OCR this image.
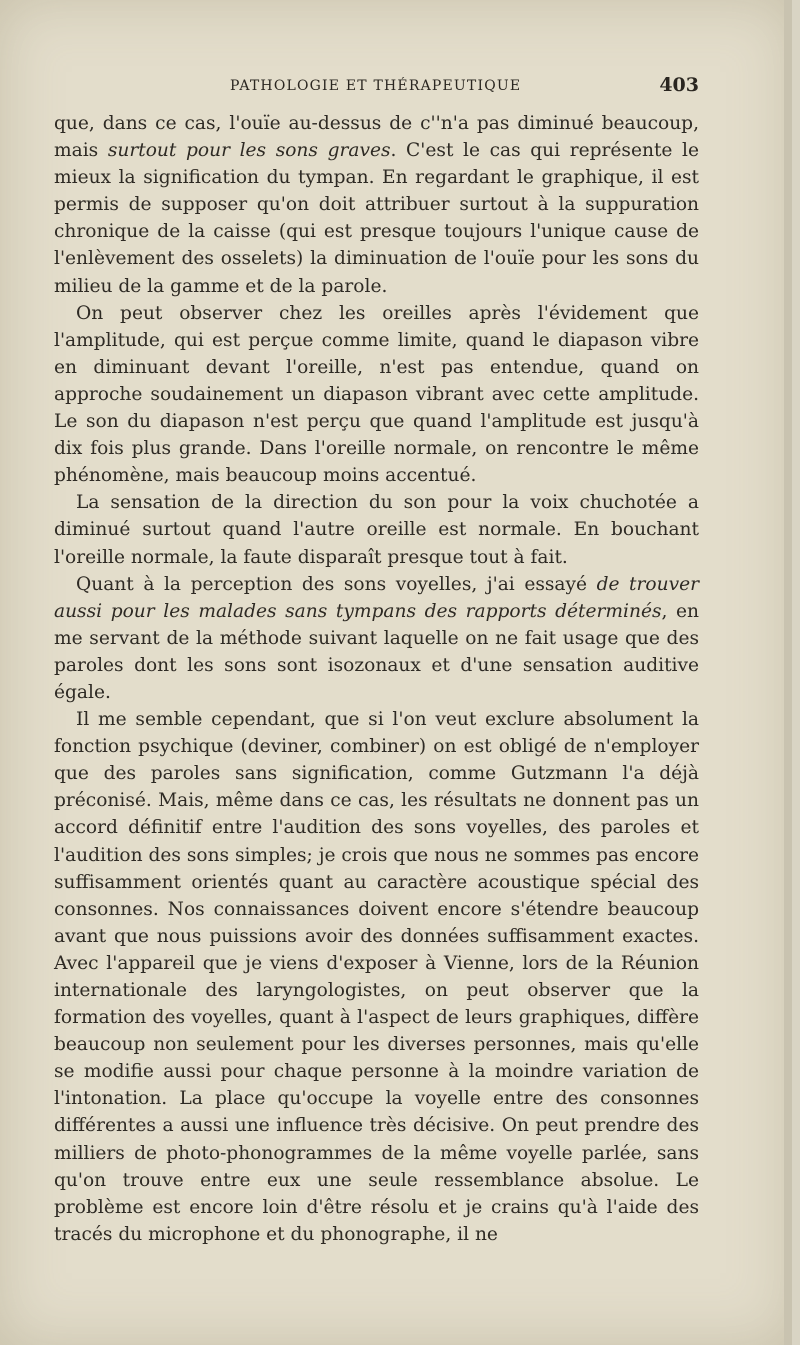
PATHOLOGIE ET THÉRAPEUTIQUE	403

que, dans ce cas, l'ouïe au-dessus de c''n'a pas diminué beaucoup, mais surtout pour les sons graves. C'est le cas qui représente le mieux la signification du tympan. En regardant le graphique, il est permis de supposer qu'on doit attribuer surtout à la suppuration chronique de la caisse (qui est presque toujours l'unique cause de l'enlèvement des osselets) la diminuation de l'ouïe pour les sons du milieu de la gamme et de la parole.

On peut observer chez les oreilles après l'évidement que l'amplitude, qui est perçue comme limite, quand le diapason vibre en diminuant devant l'oreille, n'est pas entendue, quand on approche soudainement un diapason vibrant avec cette amplitude. Le son du diapason n'est perçu que quand l'amplitude est jusqu'à dix fois plus grande. Dans l'oreille normale, on rencontre le même phénomène, mais beaucoup moins accentué.

La sensation de la direction du son pour la voix chuchotée a diminué surtout quand l'autre oreille est normale. En bouchant l'oreille normale, la faute disparaît presque tout à fait.

Quant à la perception des sons voyelles, j'ai essayé de trouver aussi pour les malades sans tympans des rapports déterminés, en me servant de la méthode suivant laquelle on ne fait usage que des paroles dont les sons sont isozonaux et d'une sensation auditive égale.

Il me semble cependant, que si l'on veut exclure absolument la fonction psychique (deviner, combiner) on est obligé de n'employer que des paroles sans signification, comme Gutzmann l'a déjà préconisé. Mais, même dans ce cas, les résultats ne donnent pas un accord définitif entre l'audition des sons voyelles, des paroles et l'audition des sons simples; je crois que nous ne sommes pas encore suffisamment orientés quant au caractère acoustique spécial des consonnes. Nos connaissances doivent encore s'étendre beaucoup avant que nous puissions avoir des données suffisamment exactes. Avec l'appareil que je viens d'exposer à Vienne, lors de la Réunion internationale des laryngologistes, on peut observer que la formation des voyelles, quant à l'aspect de leurs graphiques, diffère beaucoup non seulement pour les diverses personnes, mais qu'elle se modifie aussi pour chaque personne à la moindre variation de l'intonation. La place qu'occupe la voyelle entre des consonnes différentes a aussi une influence très décisive. On peut prendre des milliers de photo-phonogrammes de la même voyelle parlée, sans qu'on trouve entre eux une seule ressemblance absolue. Le problème est encore loin d'être résolu et je crains qu'à l'aide des tracés du microphone et du phonographe, il ne
